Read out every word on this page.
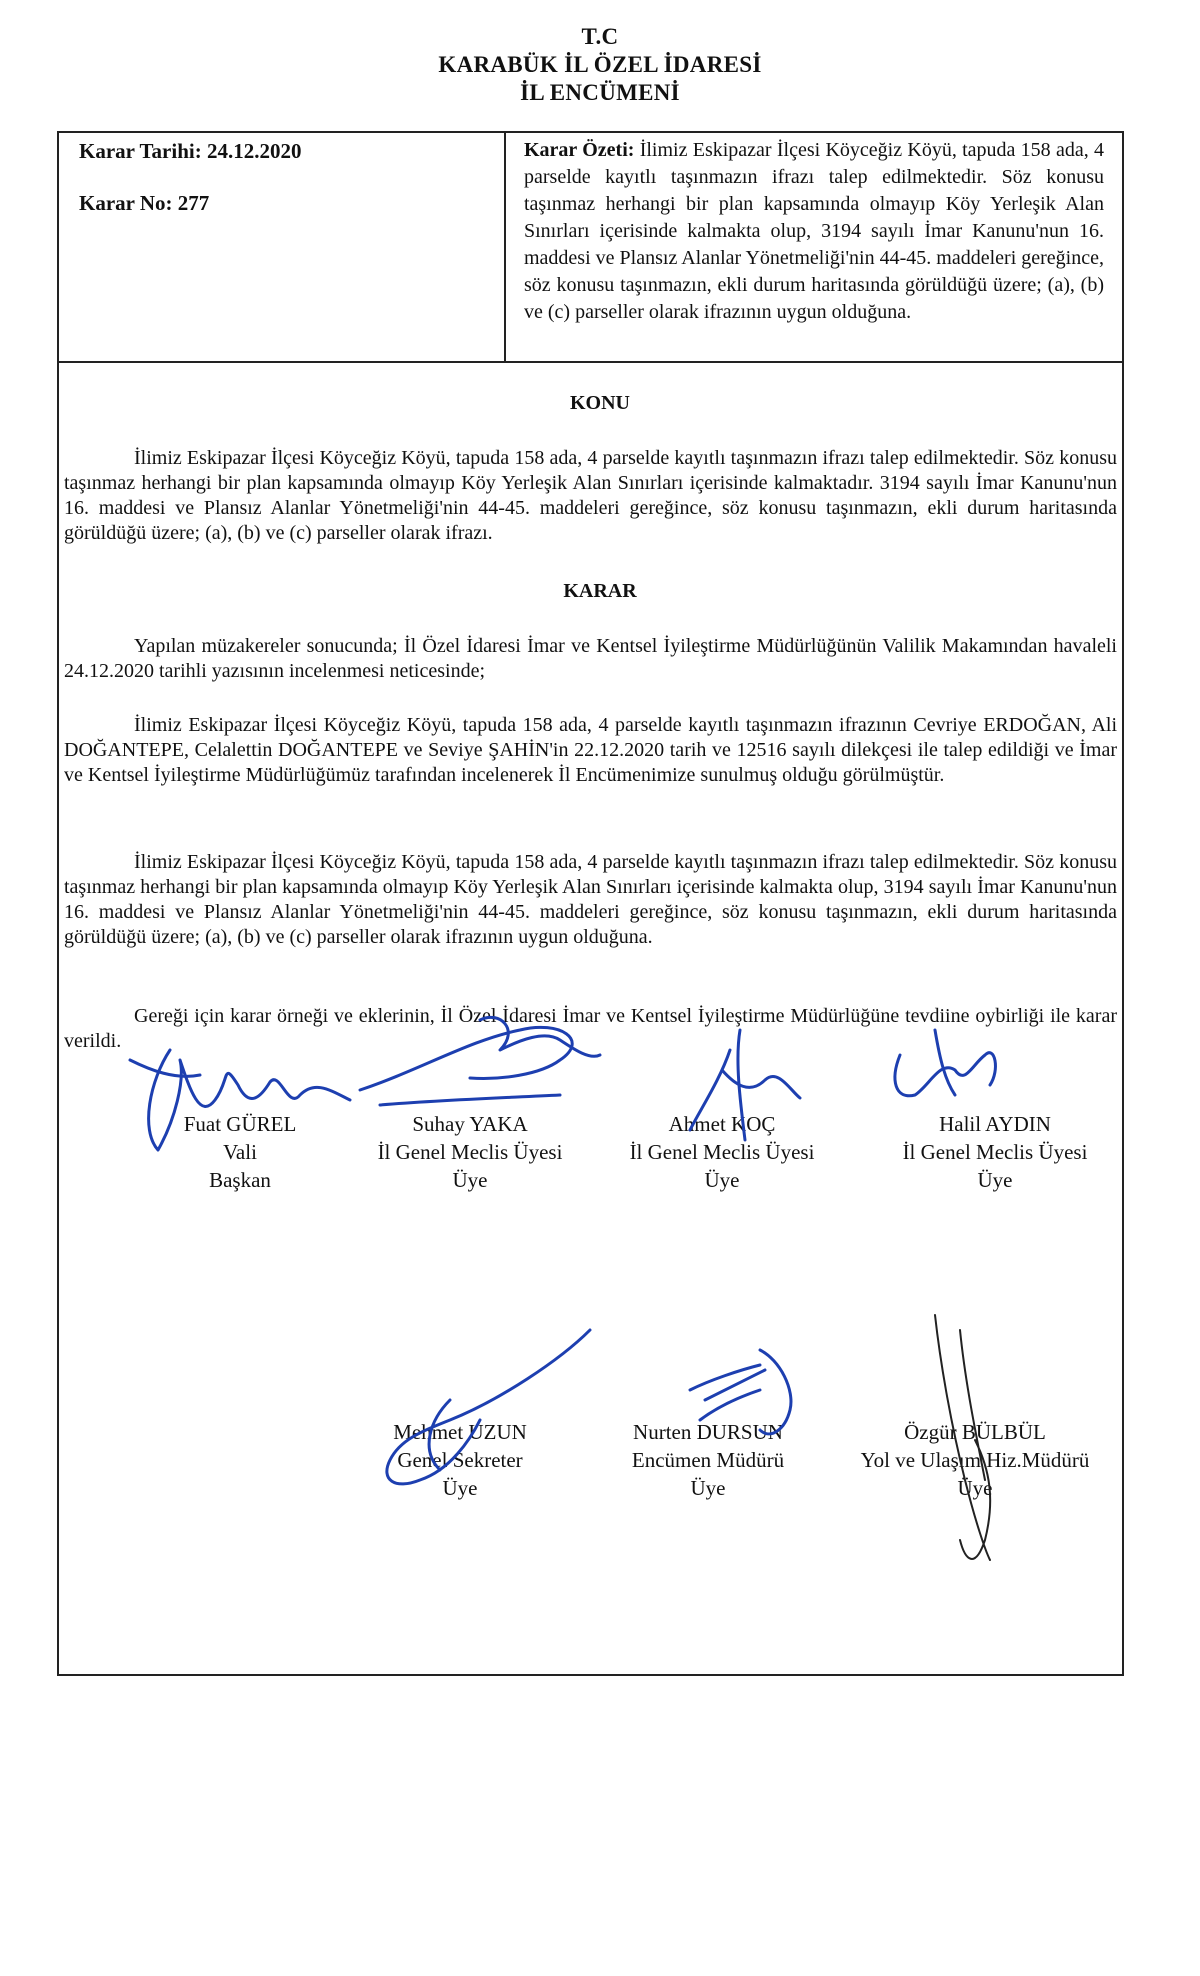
T.C
KARABÜK İL ÖZEL İDARESİ
İL ENCÜMENİ
Karar Tarihi: 24.12.2020
Karar No: 277
Karar Özeti: İlimiz Eskipazar İlçesi Köyceğiz Köyü, tapuda 158 ada, 4 parselde kayıtlı taşınmazın ifrazı talep edilmektedir. Söz konusu taşınmaz herhangi bir plan kapsamında olmayıp Köy Yerleşik Alan Sınırları içerisinde kalmakta olup, 3194 sayılı İmar Kanunu'nun 16. maddesi ve Plansız Alanlar Yönetmeliği'nin 44-45. maddeleri gereğince, söz konusu taşınmazın, ekli durum haritasında görüldüğü üzere; (a), (b) ve (c) parseller olarak ifrazının uygun olduğuna.
KONU

İlimiz Eskipazar İlçesi Köyceğiz Köyü, tapuda 158 ada, 4 parselde kayıtlı taşınmazın ifrazı talep edilmektedir. Söz konusu taşınmaz herhangi bir plan kapsamında olmayıp Köy Yerleşik Alan Sınırları içerisinde kalmaktadır. 3194 sayılı İmar Kanunu'nun 16. maddesi ve Plansız Alanlar Yönetmeliği'nin 44-45. maddeleri gereğince, söz konusu taşınmazın, ekli durum haritasında görüldüğü üzere; (a), (b) ve (c) parseller olarak ifrazı.

KARAR

Yapılan müzakereler sonucunda; İl Özel İdaresi İmar ve Kentsel İyileştirme Müdürlüğünün Valilik Makamından havaleli 24.12.2020 tarihli yazısının incelenmesi neticesinde;

İlimiz Eskipazar İlçesi Köyceğiz Köyü, tapuda 158 ada, 4 parselde kayıtlı taşınmazın ifrazının Cevriye ERDOĞAN, Ali DOĞANTEPE, Celalettin DOĞANTEPE ve Seviye ŞAHİN'in 22.12.2020 tarih ve 12516 sayılı dilekçesi ile talep edildiği ve İmar ve Kentsel İyileştirme Müdürlüğümüz tarafından incelenerek İl Encümenimize sunulmuş olduğu görülmüştür.

İlimiz Eskipazar İlçesi Köyceğiz Köyü, tapuda 158 ada, 4 parselde kayıtlı taşınmazın ifrazı talep edilmektedir. Söz konusu taşınmaz herhangi bir plan kapsamında olmayıp Köy Yerleşik Alan Sınırları içerisinde kalmakta olup, 3194 sayılı İmar Kanunu'nun 16. maddesi ve Plansız Alanlar Yönetmeliği'nin 44-45. maddeleri gereğince, söz konusu taşınmazın, ekli durum haritasında görüldüğü üzere; (a), (b) ve (c) parseller olarak ifrazının uygun olduğuna.

Gereği için karar örneği ve eklerinin, İl Özel İdaresi İmar ve Kentsel İyileştirme Müdürlüğüne tevdiine oybirliği ile karar verildi.

Fuat GÜREL
Vali
Başkan
Suhay YAKA
İl Genel Meclis Üyesi
Üye
Ahmet KOÇ
İl Genel Meclis Üyesi
Üye
Halil AYDIN
İl Genel Meclis Üyesi
Üye
Mehmet UZUN
Genel Sekreter
Üye
Nurten DURSUN
Encümen Müdürü
Üye
Özgür BÜLBÜL
Yol ve Ulaşım Hiz.Müdürü
Üye
